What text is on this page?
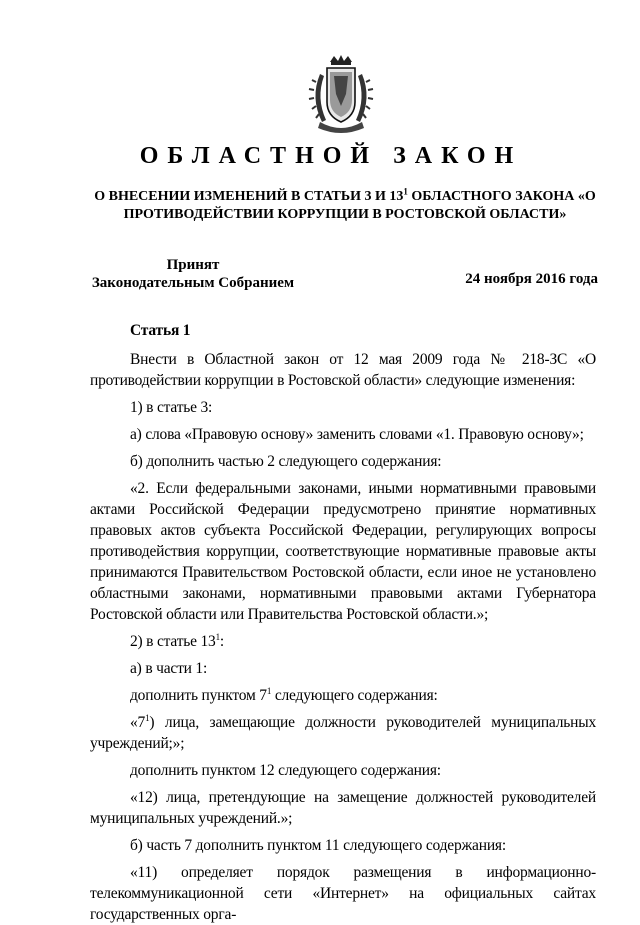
ОБЛАСТНОЙ ЗАКОН
О ВНЕСЕНИИ ИЗМЕНЕНИЙ В СТАТЬИ 3 И $13^1$ ОБЛАСТНОГО ЗАКОНА «О ПРОТИВОДЕЙСТВИИ КОРРУПЦИИ В РОСТОВСКОЙ ОБЛАСТИ»
Принят
Законодательным Собранием	24 ноября 2016 года

Статья 1

Внести в Областной закон от 12 мая 2009 года № 218-ЗС «О противодействии коррупции в Ростовской области» следующие изменения:

1) в статье 3:

а) слова «Правовую основу» заменить словами «1. Правовую основу»;

б) дополнить частью 2 следующего содержания:

«2. Если федеральными законами, иными нормативными правовыми актами Российской Федерации предусмотрено принятие нормативных правовых актов субъекта Российской Федерации, регулирующих вопросы противодействия коррупции, соответствующие нормативные правовые акты принимаются Правительством Ростовской области, если иное не установлено областными законами, нормативными правовыми актами Губернатора Ростовской области или Правительства Ростовской области.»;

2) в статье $13^1$:

а) в части 1:

дополнить пунктом $7^1$ следующего содержания:

«$7^1$) лица, замещающие должности руководителей муниципальных учреждений;»;

дополнить пунктом 12 следующего содержания:

«12) лица, претендующие на замещение должностей руководителей муниципальных учреждений.»;

б) часть 7 дополнить пунктом 11 следующего содержания:

«11) определяет порядок размещения в информационно-телекоммуникационной сети «Интернет» на официальных сайтах государственных орга-
